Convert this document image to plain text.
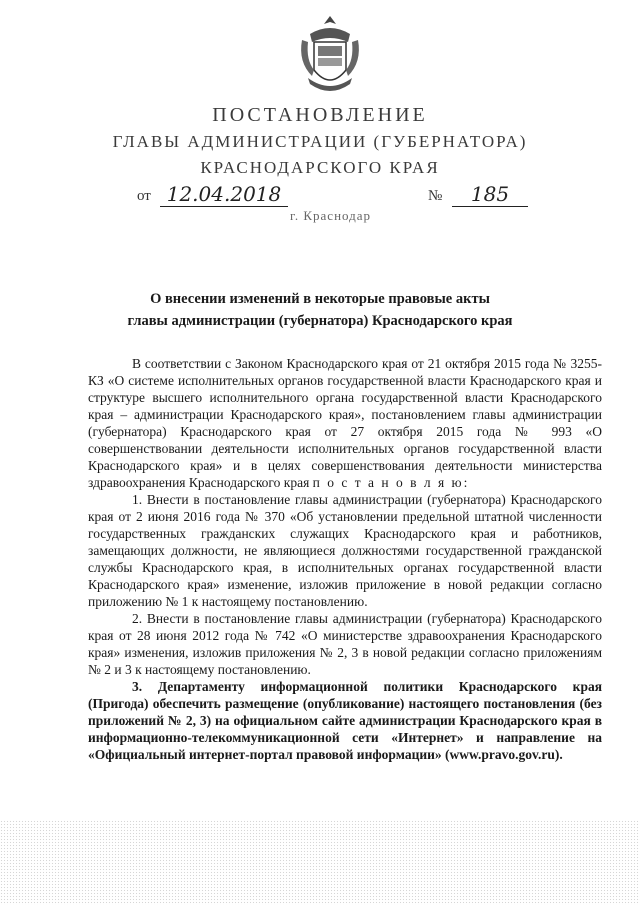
ПОСТАНОВЛЕНИЕ
ГЛАВЫ АДМИНИСТРАЦИИ (ГУБЕРНАТОРА)
КРАСНОДАРСКОГО КРАЯ
от 12.04.2018	№	185
г. Краснодар
О внесении изменений в некоторые правовые акты
главы администрации (губернатора) Краснодарского края

В соответствии с Законом Краснодарского края от 21 октября 2015 года № 3255-КЗ «О системе исполнительных органов государственной власти Краснодарского края и структуре высшего исполнительного органа государственной власти Краснодарского края – администрации Краснодарского края», постановлением главы администрации (губернатора) Краснодарского края от 27 октября 2015 года № 993 «О совершенствовании деятельности исполнительных органов государственной власти Краснодарского края» и в целях совершенствования деятельности министерства здравоохранения Краснодарского края п о с т а н о в л я ю:

1. Внести в постановление главы администрации (губернатора) Краснодарского края от 2 июня 2016 года № 370 «Об установлении предельной штатной численности государственных гражданских служащих Краснодарского края и работников, замещающих должности, не являющиеся должностями государственной гражданской службы Краснодарского края, в исполнительных органах государственной власти Краснодарского края» изменение, изложив приложение в новой редакции согласно приложению № 1 к настоящему постановлению.

2. Внести в постановление главы администрации (губернатора) Краснодарского края от 28 июня 2012 года № 742 «О министерстве здравоохранения Краснодарского края» изменения, изложив приложения № 2, 3 в новой редакции согласно приложениям № 2 и 3 к настоящему постановлению.

3. Департаменту информационной политики Краснодарского края (Пригода) обеспечить размещение (опубликование) настоящего постановления (без приложений № 2, 3) на официальном сайте администрации Краснодарского края в информационно-телекоммуникационной сети «Интернет» и направление на «Официальный интернет-портал правовой информации» (www.pravo.gov.ru).
